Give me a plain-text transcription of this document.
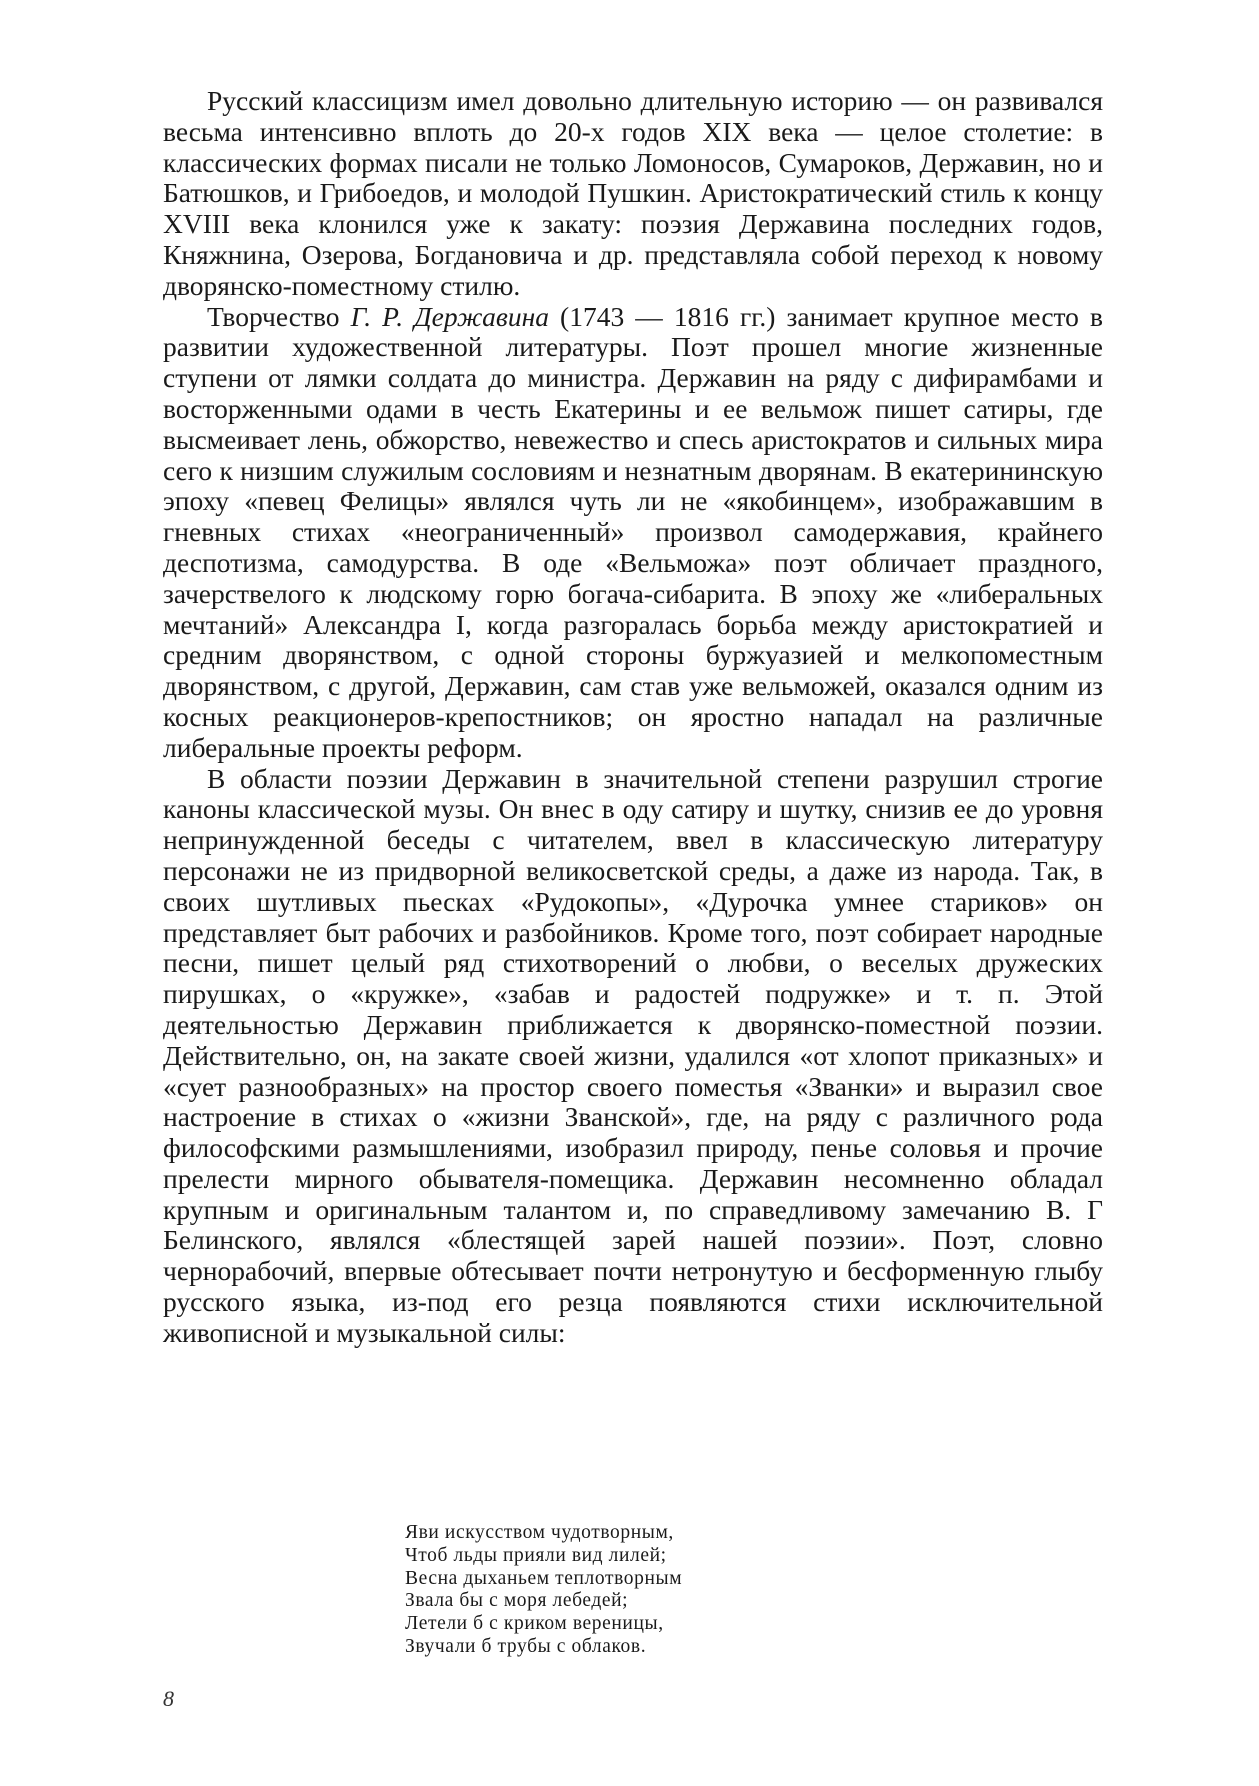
Русский классицизм имел довольно длительную историю — он развивался весьма интенсивно вплоть до 20-х годов XIX века — целое столетие: в классических формах писали не только Ломоносов, Сумароков, Державин, но и Батюшков, и Грибоедов, и молодой Пушкин. Аристократический стиль к концу XVIII века клонился уже к закату: поэзия Державина последних годов, Княжнина, Озерова, Богдановича и др. представляла собой переход к новому дворянско-поместному стилю.

Творчество Г. Р. Державина (1743 — 1816 гг.) занимает крупное место в развитии художественной литературы. Поэт прошел многие жизненные ступени от лямки солдата до министра. Державин на ряду с дифирамбами и восторженными одами в честь Екатерины и ее вельмож пишет сатиры, где высмеивает лень, обжорство, невежество и спесь аристократов и сильных мира сего к низшим служилым сословиям и незнатным дворянам. В екатерининскую эпоху «певец Фелицы» являлся чуть ли не «якобинцем», изображавшим в гневных стихах «неограниченный» произвол самодержавия, крайнего деспотизма, самодурства. В оде «Вельможа» поэт обличает праздного, зачерствелого к людскому горю богача-сибарита. В эпоху же «либеральных мечтаний» Александра I, когда разгоралась борьба между аристократией и средним дворянством, с одной стороны буржуазией и мелкопоместным дворянством, с другой, Державин, сам став уже вельможей, оказался одним из косных реакционеров-крепостников; он яростно нападал на различные либеральные проекты реформ.

В области поэзии Державин в значительной степени разрушил строгие каноны классической музы. Он внес в оду сатиру и шутку, снизив ее до уровня непринужденной беседы с читателем, ввел в классическую литературу персонажи не из придворной великосветской среды, а даже из народа. Так, в своих шутливых пьесках «Рудокопы», «Дурочка умнее стариков» он представляет быт рабочих и разбойников. Кроме того, поэт собирает народные песни, пишет целый ряд стихотворений о любви, о веселых дружеских пирушках, о «кружке», «забав и радостей подружке» и т. п. Этой деятельностью Державин приближается к дворянско-поместной поэзии. Действительно, он, на закате своей жизни, удалился «от хлопот приказных» и «сует разнообразных» на простор своего поместья «Званки» и выразил свое настроение в стихах о «жизни Званской», где, на ряду с различного рода философскими размышлениями, изобразил природу, пенье соловья и прочие прелести мирного обывателя-помещика. Державин несомненно обладал крупным и оригинальным талантом и, по справедливому замечанию В. Г Белинского, являлся «блестящей зарей нашей поэзии». Поэт, словно чернорабочий, впервые обтесывает почти нетронутую и бесформенную глыбу русского языка, из-под его резца появляются стихи исключительной живописной и музыкальной силы:

Яви искусством чудотворным,
Чтоб льды прияли вид лилей;
Весна дыханьем теплотворным
Звала бы с моря лебедей;
Летели б с криком вереницы,
Звучали б трубы с облаков.
8
